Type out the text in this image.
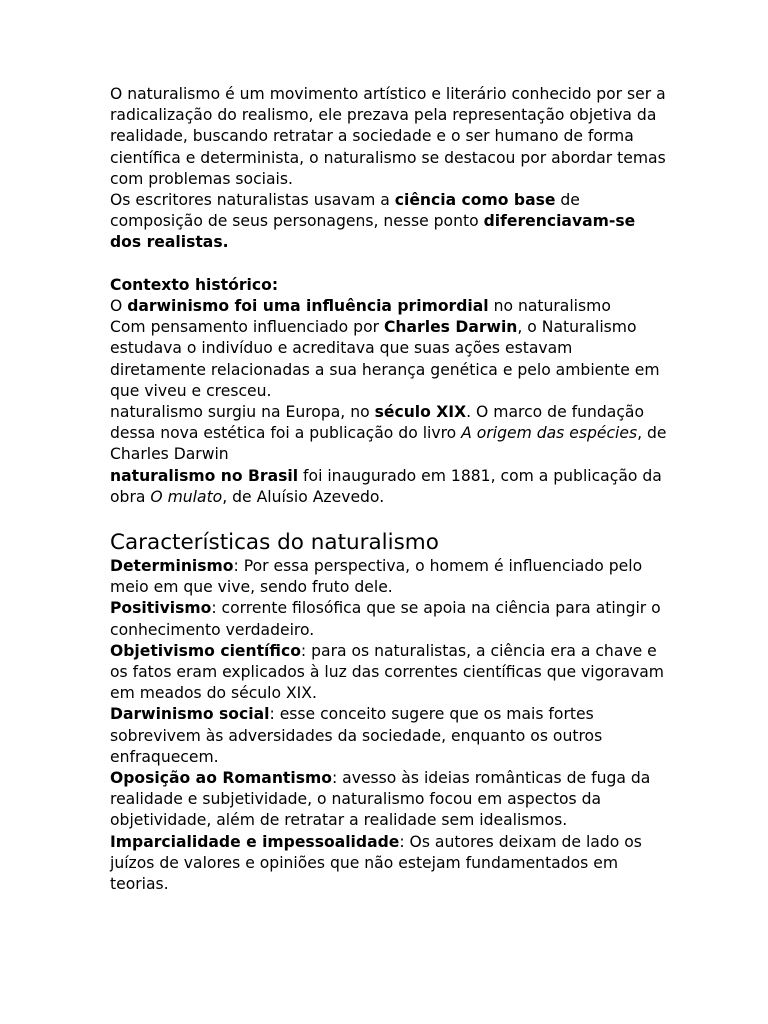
O naturalismo é um movimento artístico e literário conhecido por ser a radicalização do realismo, ele prezava pela representação objetiva da realidade, buscando retratar a sociedade e o ser humano de forma científica e determinista, o naturalismo se destacou por abordar temas com problemas sociais.

Os escritores naturalistas usavam a ciência como base de composição de seus personagens, nesse ponto diferenciavam-se dos realistas.

Contexto histórico:

O darwinismo foi uma influência primordial no naturalismo

Com pensamento influenciado por Charles Darwin, o Naturalismo estudava o indivíduo e acreditava que suas ações estavam diretamente relacionadas a sua herança genética e pelo ambiente em que viveu e cresceu.

naturalismo surgiu na Europa, no século XIX. O marco de fundação dessa nova estética foi a publicação do livro A origem das espécies, de Charles Darwin

naturalismo no Brasil foi inaugurado em 1881, com a publicação da obra O mulato, de Aluísio Azevedo.

Características do naturalismo

Determinismo: Por essa perspectiva, o homem é influenciado pelo meio em que vive, sendo fruto dele.

Positivismo: corrente filosófica que se apoia na ciência para atingir o conhecimento verdadeiro.

Objetivismo científico: para os naturalistas, a ciência era a chave e os fatos eram explicados à luz das correntes científicas que vigoravam em meados do século XIX.

Darwinismo social: esse conceito sugere que os mais fortes sobrevivem às adversidades da sociedade, enquanto os outros enfraquecem.

Oposição ao Romantismo: avesso às ideias românticas de fuga da realidade e subjetividade, o naturalismo focou em aspectos da objetividade, além de retratar a realidade sem idealismos.

Imparcialidade e impessoalidade: Os autores deixam de lado os juízos de valores e opiniões que não estejam fundamentados em teorias.
